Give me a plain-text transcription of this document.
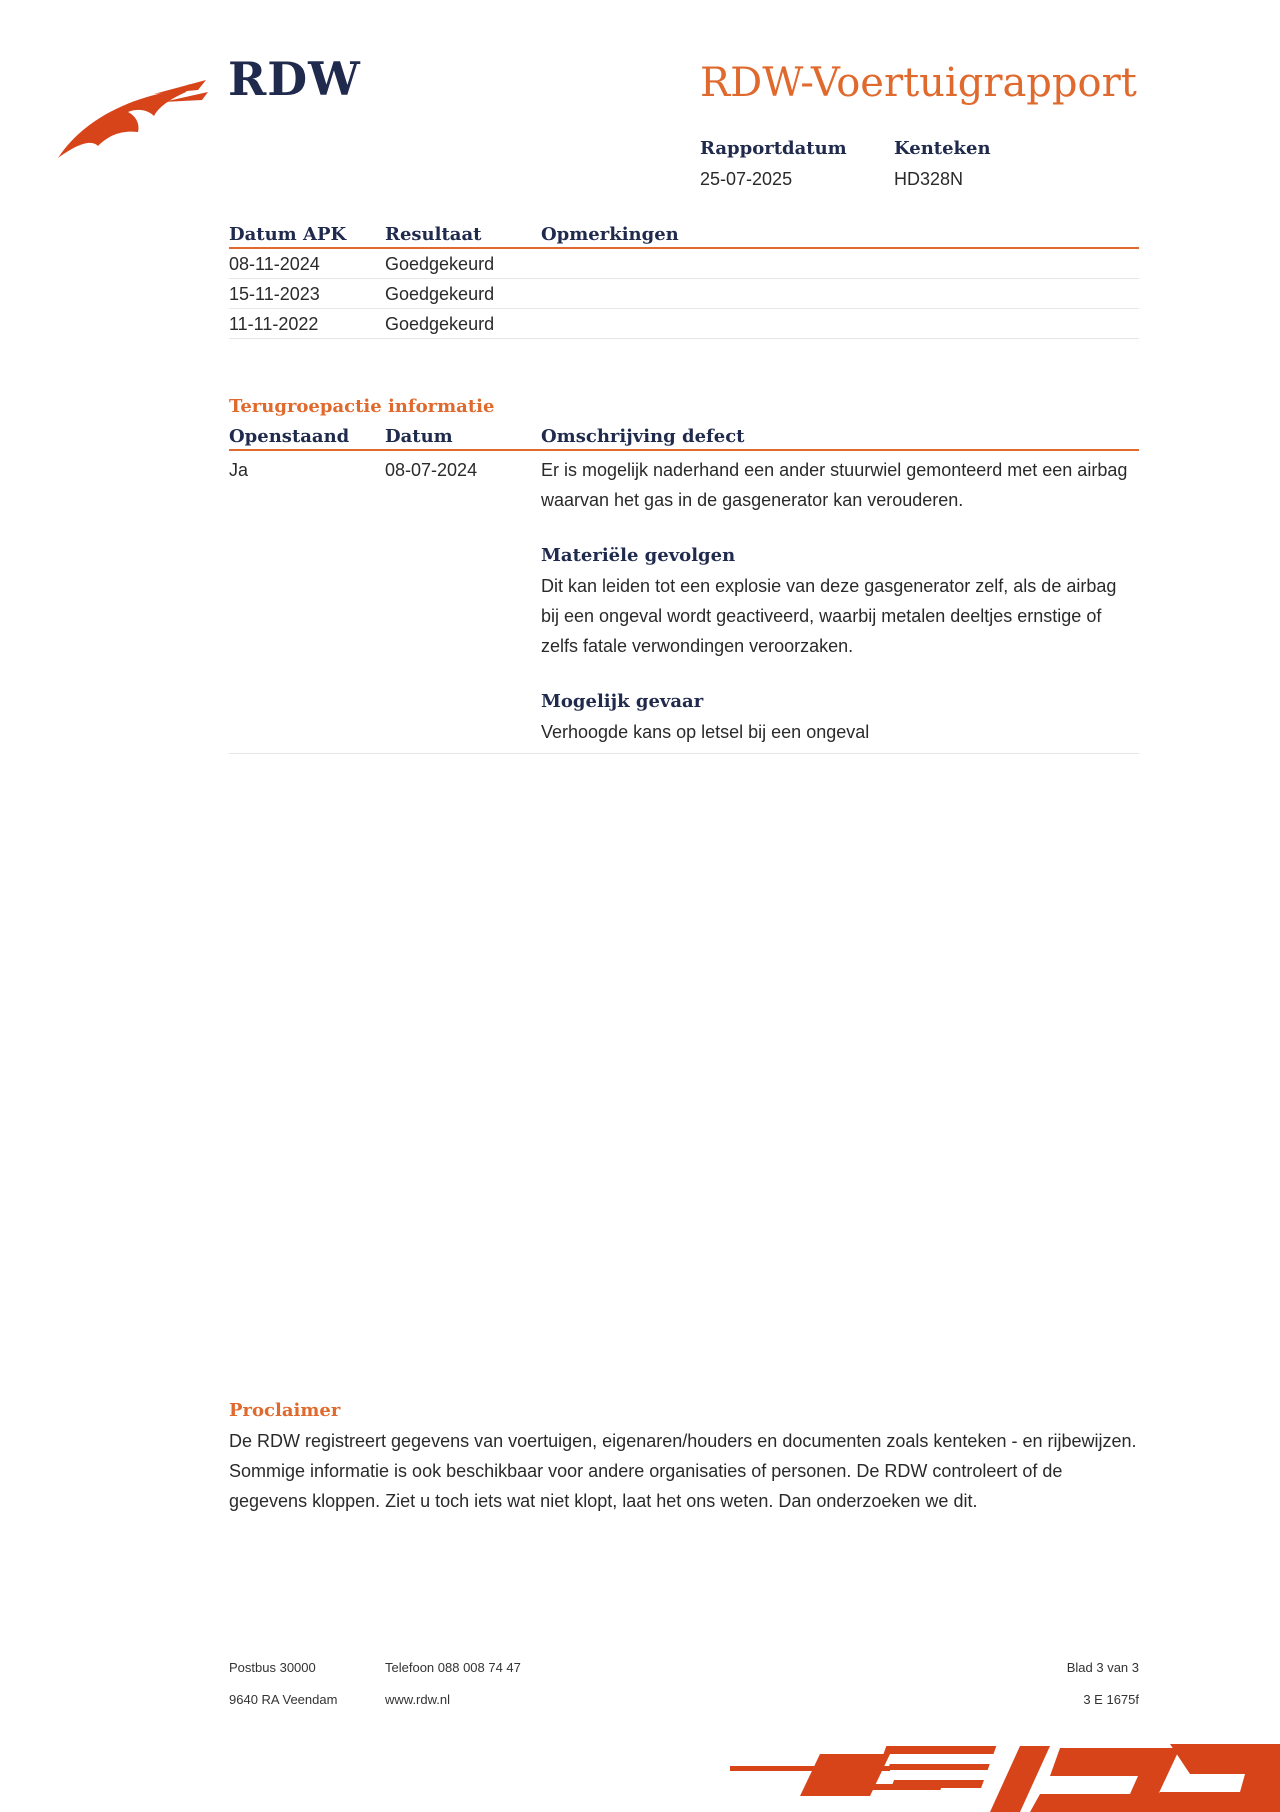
RDW	RDW-Voertuigrapport
Rapportdatum
25-07-2025
Kenteken
HD328N
Datum APK	Resultaat	Opmerkingen
08-11-2024	Goedgekeurd	
15-11-2023	Goedgekeurd	
11-11-2022	Goedgekeurd	
Terugroepactie informatie
Openstaand	Datum	Omschrijving defect
Ja	08-07-2024	Er is mogelijk naderhand een ander stuurwiel gemonteerd met een airbag waarvan het gas in de gasgenerator kan verouderen.
Materiële gevolgen
Dit kan leiden tot een explosie van deze gasgenerator zelf, als de airbag bij een ongeval wordt geactiveerd, waarbij metalen deeltjes ernstige of zelfs fatale verwondingen veroorzaken.
Mogelijk gevaar
Verhoogde kans op letsel bij een ongeval
Proclaimer
De RDW registreert gegevens van voertuigen, eigenaren/houders en documenten zoals kenteken - en rijbewijzen. Sommige informatie is ook beschikbaar voor andere organisaties of personen. De RDW controleert of de gegevens kloppen. Ziet u toch iets wat niet klopt, laat het ons weten. Dan onderzoeken we dit.
Postbus 30000
9640 RA Veendam
Telefoon 088 008 74 47
www.rdw.nl
Blad 3 van 3
3 E 1675f
